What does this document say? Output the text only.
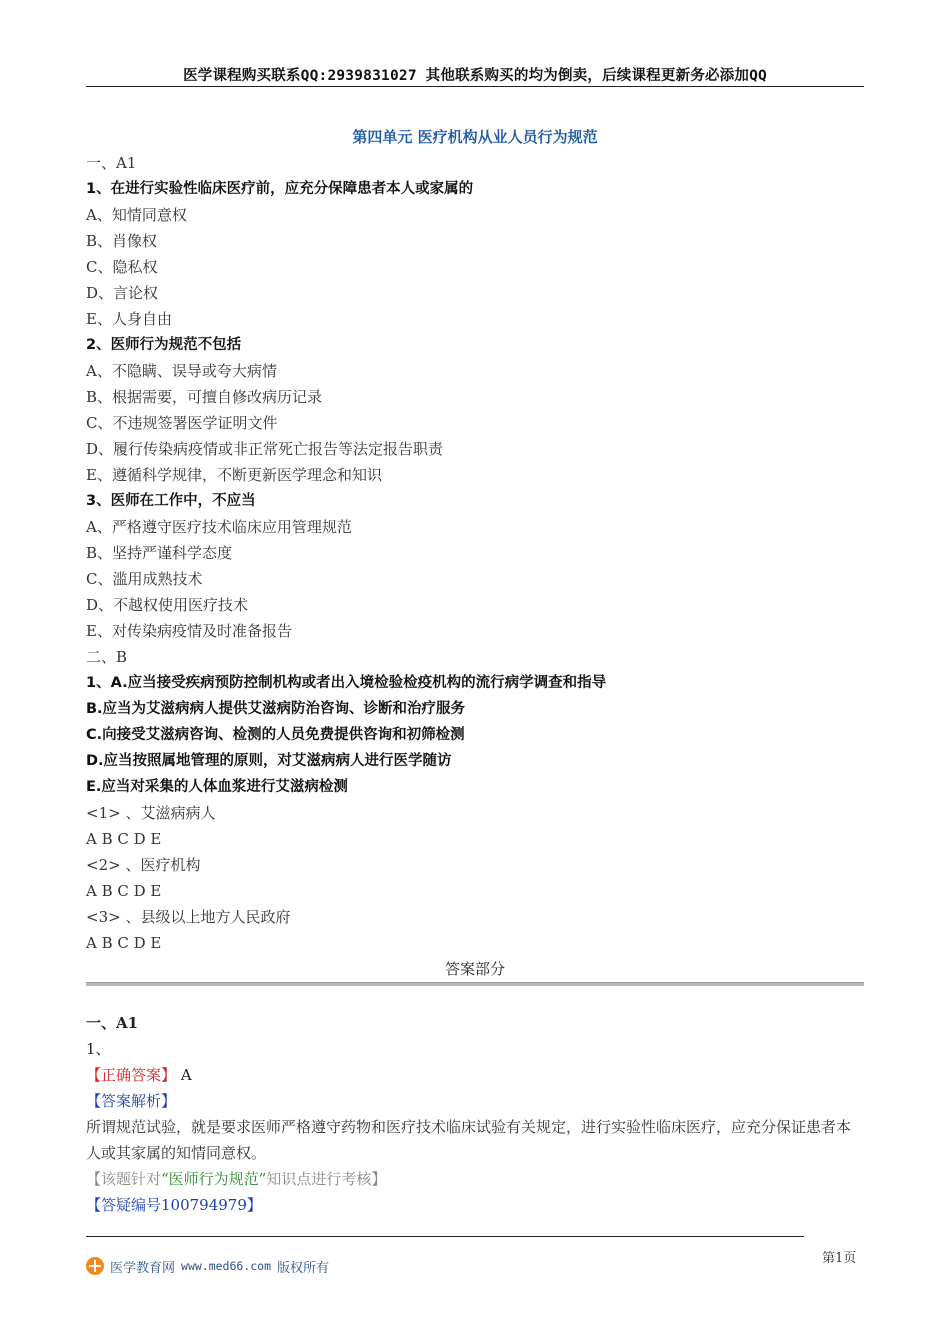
医学课程购买联系QQ:2939831027 其他联系购买的均为倒卖，后续课程更新务必添加QQ
第四单元 医疗机构从业人员行为规范
一、A1
1、在进行实验性临床医疗前，应充分保障患者本人或家属的
A、知情同意权
B、肖像权
C、隐私权
D、言论权
E、人身自由
2、医师行为规范不包括
A、不隐瞒、误导或夸大病情
B、根据需要，可擅自修改病历记录
C、不违规签署医学证明文件
D、履行传染病疫情或非正常死亡报告等法定报告职责
E、遵循科学规律，不断更新医学理念和知识
3、医师在工作中，不应当
A、严格遵守医疗技术临床应用管理规范
B、坚持严谨科学态度
C、滥用成熟技术
D、不越权使用医疗技术
E、对传染病疫情及时准备报告
二、B
1、A.应当接受疾病预防控制机构或者出入境检验检疫机构的流行病学调查和指导
B.应当为艾滋病病人提供艾滋病防治咨询、诊断和治疗服务
C.向接受艾滋病咨询、检测的人员免费提供咨询和初筛检测
D.应当按照属地管理的原则，对艾滋病病人进行医学随访
E.应当对采集的人体血浆进行艾滋病检测
<1> 、艾滋病病人
A B C D E
<2> 、医疗机构
A B C D E
<3> 、县级以上地方人民政府
A B C D E
答案部分
一、A1
1、
【正确答案】 A
【答案解析】
所谓规范试验，就是要求医师严格遵守药物和医疗技术临床试验有关规定，进行实验性临床医疗，应充分保证患者本人或其家属的知情同意权。
【该题针对“医师行为规范”知识点进行考核】
【答疑编号100794979】
第1页
医学教育网 www.med66.com 版权所有
